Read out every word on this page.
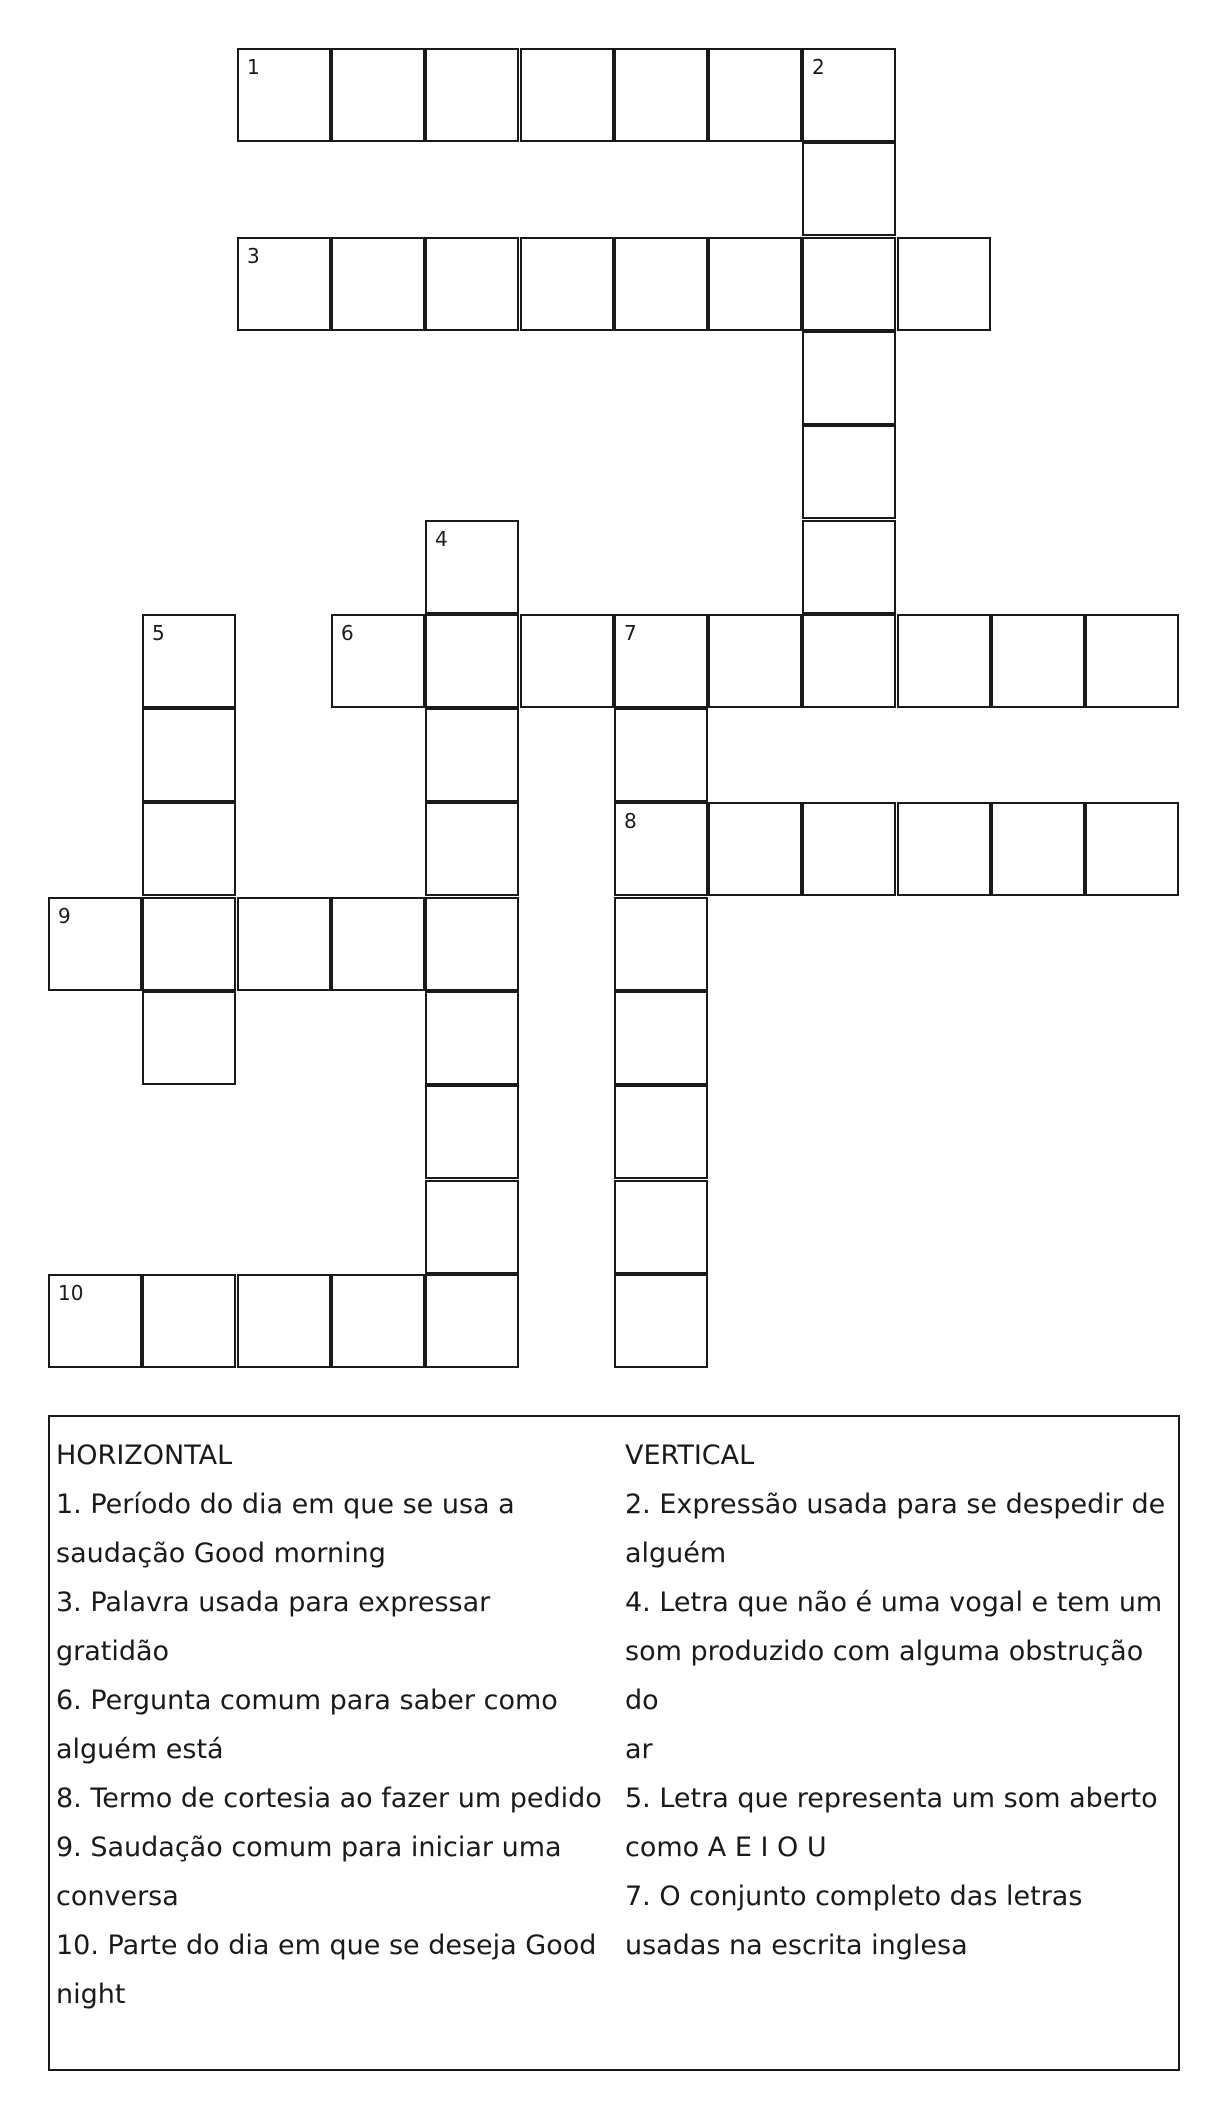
1	2
3
4
5	6	7
8
9
10
HORIZONTAL
1. Período do dia em que se usa a
saudação Good morning
3. Palavra usada para expressar
gratidão
6. Pergunta comum para saber como
alguém está
8. Termo de cortesia ao fazer um pedido
9. Saudação comum para iniciar uma
conversa
10. Parte do dia em que se deseja Good
night
VERTICAL
2. Expressão usada para se despedir de
alguém
4. Letra que não é uma vogal e tem um
som produzido com alguma obstrução do
ar
5. Letra que representa um som aberto
como A E I O U
7. O conjunto completo das letras
usadas na escrita inglesa
